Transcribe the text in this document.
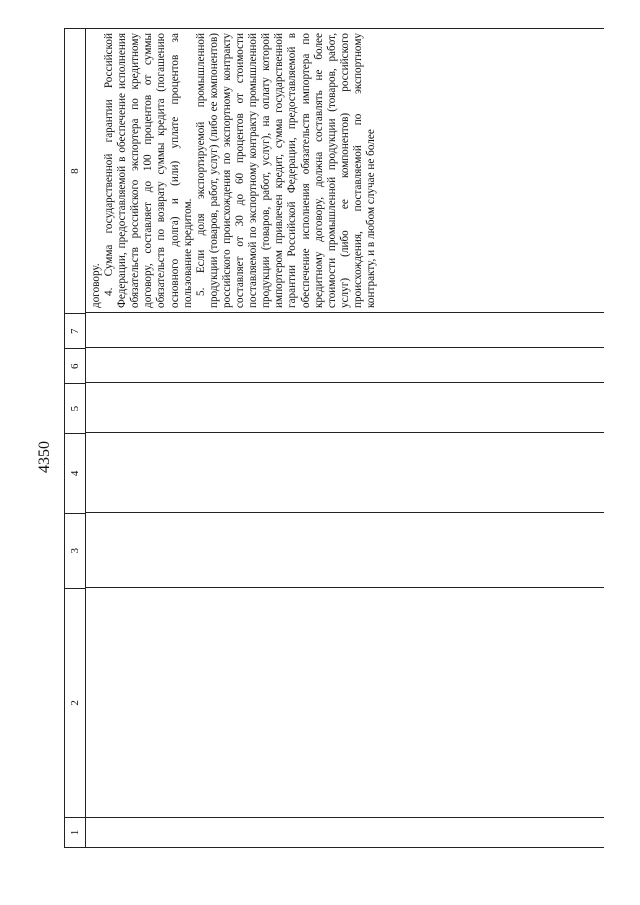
4350
1
2
3
4
5
6
7
8

договору. 4. Сумма государственной гарантии Российской Федерации, предоставляемой в обеспечение исполнения обязательств российского экспортера по кредитному договору, составляет до 100 процентов от суммы обязательств по возврату суммы кредита (погашению основного долга) и (или) уплате процентов за пользование кредитом. 5. Если доля экспортируемой промышленной продукции (товаров, работ, услуг) (либо ее компонентов) российского происхождения по экспортному контракту составляет от 30 до 60 процентов от стоимости поставляемой по экспортному контракту промышленной продукции (товаров, работ, услуг), на оплату которой импортером привлечен кредит, сумма государственной гарантии Российской Федерации, предоставляемой в обеспечение исполнения обязательств импортера по кредитному договору, должна составлять не более стоимости промышленной продукции (товаров, работ, услуг) (либо ее компонентов) российского происхождения, поставляемой по экспортному контракту, и в любом случае не более
